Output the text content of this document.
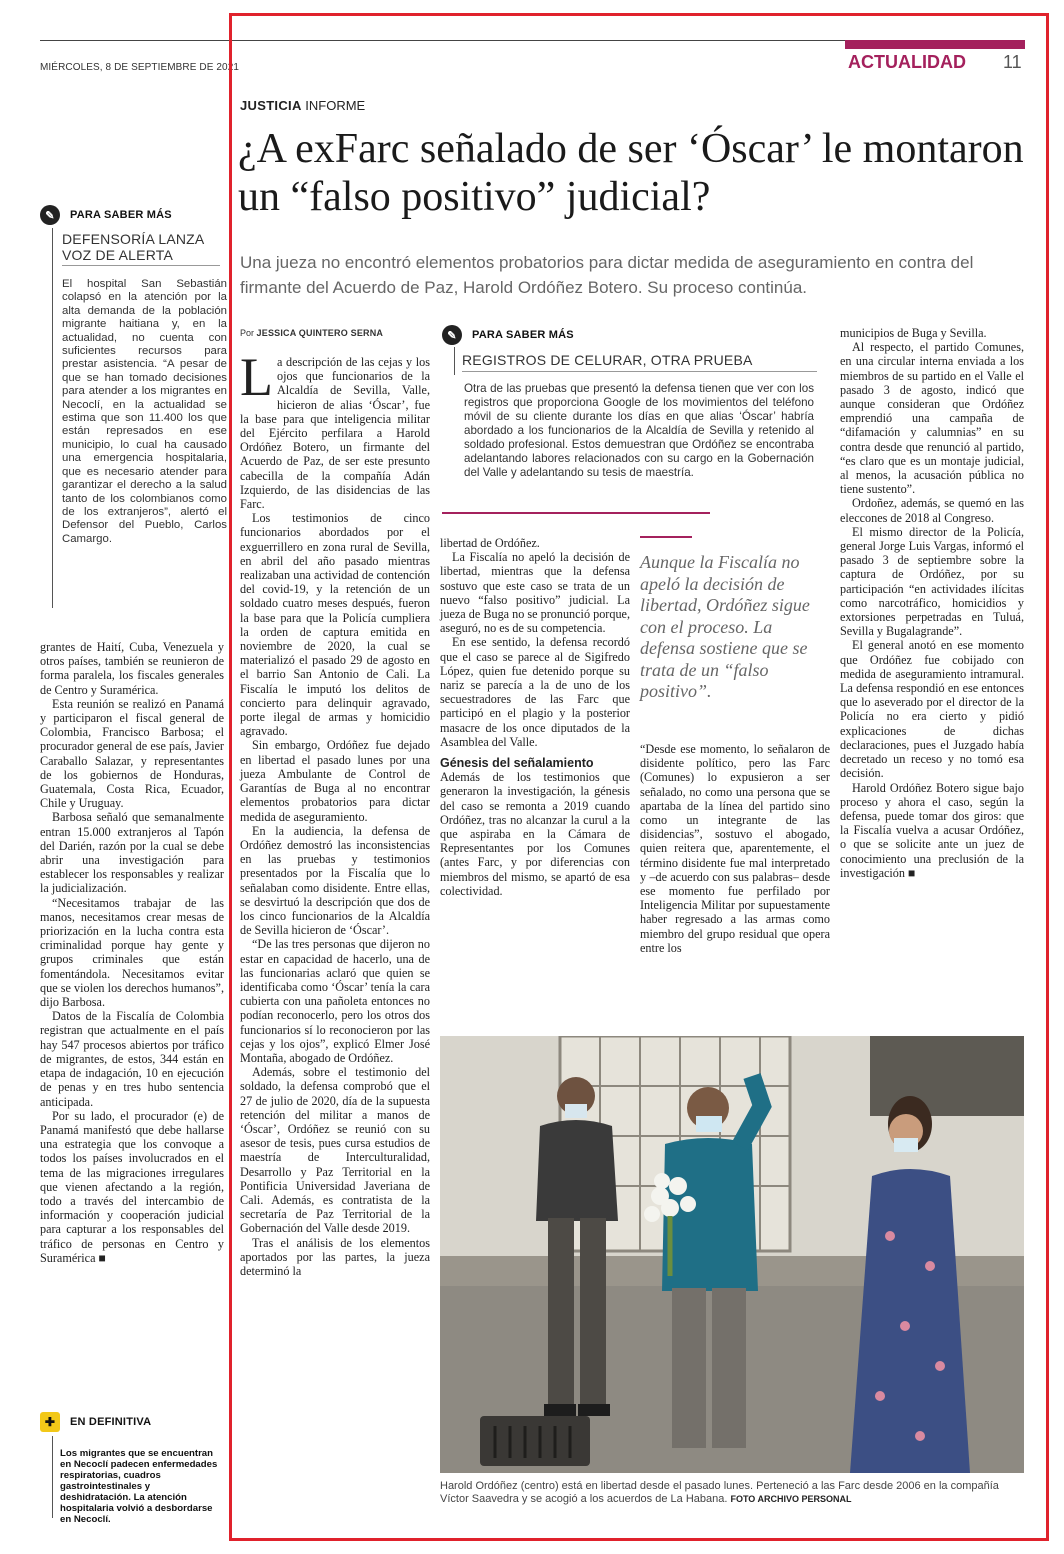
MIÉRCOLES, 8 DE SEPTIEMBRE DE 2021	ACTUALIDAD 11
JUSTICIA INFORME
¿A exFarc señalado de ser ‘Óscar’ le montaron un “falso positivo” judicial?

Una jueza no encontró elementos probatorios para dictar medida de aseguramiento en contra del firmante del Acuerdo de Paz, Harold Ordóñez Botero. Su proceso continúa.

✎	PARA SABER MÁS
DEFENSORÍA LANZA VOZ DE ALERTA

El hospital San Sebastián colapsó en la atención por la alta demanda de la población migrante haitiana y, en la actualidad, no cuenta con suficientes recursos para prestar asistencia. “A pesar de que se han tomado decisiones para atender a los migrantes en Necoclí, en la actualidad se estima que son 11.400 los que están represados en ese municipio, lo cual ha causado una emergencia hospitalaria, que es necesario atender para garantizar el derecho a la salud tanto de los colombianos como de los extranjeros”, alertó el Defensor del Pueblo, Carlos Camargo.

grantes de Haití, Cuba, Venezuela y otros países, también se reunieron de forma paralela, los fiscales generales de Centro y Suramérica.

Esta reunión se realizó en Panamá y participaron el fiscal general de Colombia, Francisco Barbosa; el procurador general de ese país, Javier Caraballo Salazar, y representantes de los gobiernos de Honduras, Guatemala, Costa Rica, Ecuador, Chile y Uruguay.

Barbosa señaló que semanalmente entran 15.000 extranjeros al Tapón del Darién, razón por la cual se debe abrir una investigación para establecer los responsables y realizar la judicialización.

“Necesitamos trabajar de las manos, necesitamos crear mesas de priorización en la lucha contra esta criminalidad porque hay gente y grupos criminales que están fomentándola. Necesitamos evitar que se violen los derechos humanos”, dijo Barbosa.

Datos de la Fiscalía de Colombia registran que actualmente en el país hay 547 procesos abiertos por tráfico de migrantes, de estos, 344 están en etapa de indagación, 10 en ejecución de penas y en tres hubo sentencia anticipada.

Por su lado, el procurador (e) de Panamá manifestó que debe hallarse una estrategia que los convoque a todos los países involucrados en el tema de las migraciones irregulares que vienen afectando a la región, todo a través del intercambio de información y cooperación judicial para capturar a los responsables del tráfico de personas en Centro y Suramérica ■

✚	EN DEFINITIVA

Los migrantes que se encuentran en Necoclí padecen enfermedades respiratorias, cuadros gastrointestinales y deshidratación. La atención hospitalaria volvió a desbordarse en Necoclí.

Por JESSICA QUINTERO SERNA

La descripción de las cejas y los ojos que funcionarios de la Alcaldía de Sevilla, Valle, hicieron de alias ‘Óscar’, fue la base para que inteligencia militar del Ejército perfilara a Harold Ordóñez Botero, un firmante del Acuerdo de Paz, de ser este presunto cabecilla de la compañía Adán Izquierdo, de las disidencias de las Farc.

Los testimonios de cinco funcionarios abordados por el exguerrillero en zona rural de Sevilla, en abril del año pasado mientras realizaban una actividad de contención del covid-19, y la retención de un soldado cuatro meses después, fueron la base para que la Policía cumpliera la orden de captura emitida en noviembre de 2020, la cual se materializó el pasado 29 de agosto en el barrio San Antonio de Cali. La Fiscalía le imputó los delitos de concierto para delinquir agravado, porte ilegal de armas y homicidio agravado.

Sin embargo, Ordóñez fue dejado en libertad el pasado lunes por una jueza Ambulante de Control de Garantías de Buga al no encontrar elementos probatorios para dictar medida de aseguramiento.

En la audiencia, la defensa de Ordóñez demostró las inconsistencias en las pruebas y testimonios presentados por la Fiscalía que lo señalaban como disidente. Entre ellas, se desvirtuó la descripción que dos de los cinco funcionarios de la Alcaldía de Sevilla hicieron de ‘Óscar’.

“De las tres personas que dijeron no estar en capacidad de hacerlo, una de las funcionarias aclaró que quien se identificaba como ‘Óscar’ tenía la cara cubierta con una pañoleta entonces no podían reconocerlo, pero los otros dos funcionarios sí lo reconocieron por las cejas y los ojos”, explicó Elmer José Montaña, abogado de Ordóñez.

Además, sobre el testimonio del soldado, la defensa comprobó que el 27 de julio de 2020, día de la supuesta retención del militar a manos de ‘Óscar’, Ordóñez se reunió con su asesor de tesis, pues cursa estudios de maestría de Interculturalidad, Desarrollo y Paz Territorial en la Pontificia Universidad Javeriana de Cali. Además, es contratista de la secretaría de Paz Territorial de la Gobernación del Valle desde 2019.

Tras el análisis de los elementos aportados por las partes, la jueza determinó la

✎	PARA SABER MÁS
REGISTROS DE CELURAR, OTRA PRUEBA

Otra de las pruebas que presentó la defensa tienen que ver con los registros que proporciona Google de los movimientos del teléfono móvil de su cliente durante los días en que alias ‘Óscar’ habría abordado a los funcionarios de la Alcaldía de Sevilla y retenido al soldado profesional. Estos demuestran que Ordóñez se encontraba adelantando labores relacionados con su cargo en la Gobernación del Valle y adelantando su tesis de maestría.

libertad de Ordóñez.

La Fiscalía no apeló la decisión de libertad, mientras que la defensa sostuvo que este caso se trata de un nuevo “falso positivo” judicial. La jueza de Buga no se pronunció porque, aseguró, no es de su competencia.

En ese sentido, la defensa recordó que el caso se parece al de Sigifredo López, quien fue detenido porque su nariz se parecía a la de uno de los secuestradores de las Farc que participó en el plagio y la posterior masacre de los once diputados de la Asamblea del Valle.

Génesis del señalamiento

Además de los testimonios que generaron la investigación, la génesis del caso se remonta a 2019 cuando Ordóñez, tras no alcanzar la curul a la que aspiraba en la Cámara de Representantes por los Comunes (antes Farc, y por diferencias con miembros del mismo, se apartó de esa colectividad.

Aunque la Fiscalía no apeló la decisión de libertad, Ordóñez sigue con el proceso. La defensa sostiene que se trata de un “falso positivo”.

“Desde ese momento, lo señalaron de disidente político, pero las Farc (Comunes) lo expusieron a ser señalado, no como una persona que se apartaba de la línea del partido sino como un integrante de las disidencias”, sostuvo el abogado, quien reitera que, aparentemente, el término disidente fue mal interpretado y –de acuerdo con sus palabras– desde ese momento fue perfilado por Inteligencia Militar por supuestamente haber regresado a las armas como miembro del grupo residual que opera entre los

municipios de Buga y Sevilla.

Al respecto, el partido Comunes, en una circular interna enviada a los miembros de su partido en el Valle el pasado 3 de agosto, indicó que aunque consideran que Ordóñez emprendió una campaña de “difamación y calumnias” en su contra desde que renunció al partido, “es claro que es un montaje judicial, al menos, la acusación pública no tiene sustento”.

Ordoñez, además, se quemó en las eleccones de 2018 al Congreso.

El mismo director de la Policía, general Jorge Luis Vargas, informó el pasado 3 de septiembre sobre la captura de Ordóñez, por su participación “en actividades ilícitas como narcotráfico, homicidios y extorsiones perpetradas en Tuluá, Sevilla y Bugalagrande”.

El general anotó en ese momento que Ordóñez fue cobijado con medida de aseguramiento intramural. La defensa respondió en ese entonces que lo aseverado por el director de la Policía no era cierto y pidió explicaciones de dichas declaraciones, pues el Juzgado había decretado un receso y no tomó esa decisión.

Harold Ordóñez Botero sigue bajo proceso y ahora el caso, según la defensa, puede tomar dos giros: que la Fiscalía vuelva a acusar Ordóñez, o que se solicite ante un juez de conocimiento una preclusión de la investigación ■

Harold Ordóñez (centro) está en libertad desde el pasado lunes. Perteneció a las Farc desde 2006 en la compañía Víctor Saavedra y se acogió a los acuerdos de La Habana. FOTO ARCHIVO PERSONAL
